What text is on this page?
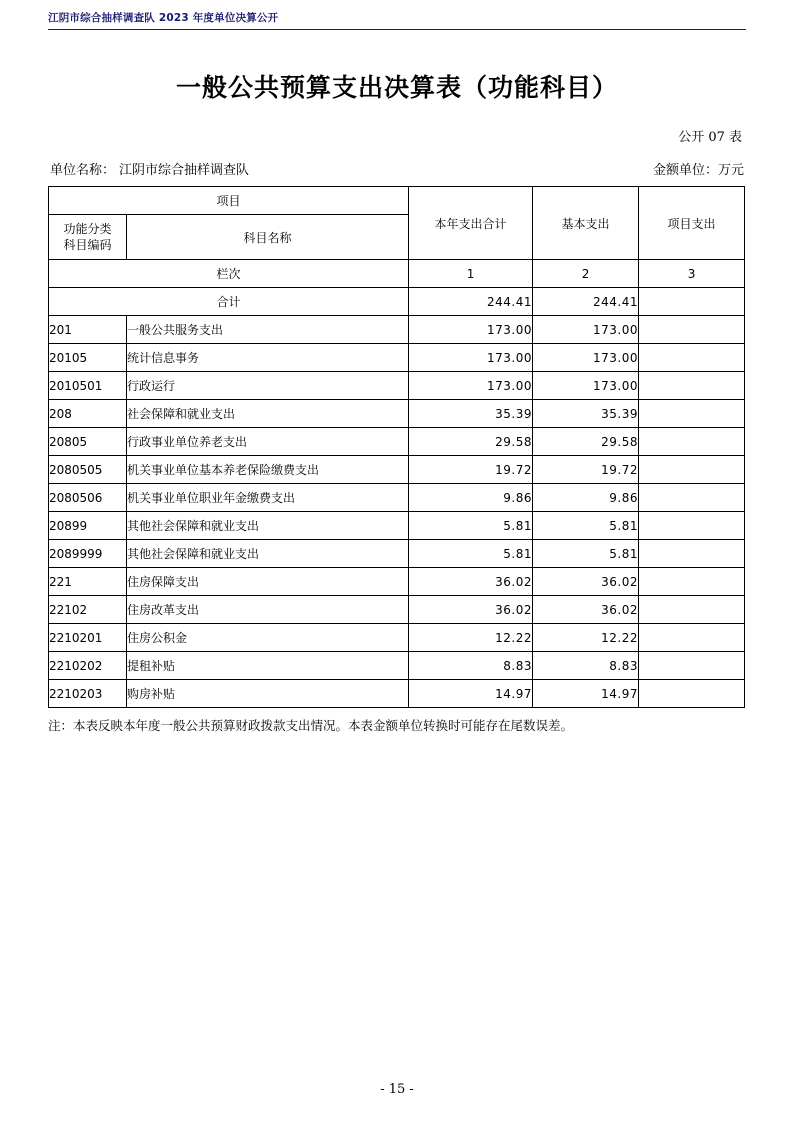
江阴市综合抽样调查队 2023 年度单位决算公开
一般公共预算支出决算表（功能科目）
公开 07 表
单位名称： 江阴市综合抽样调查队	金额单位：万元
项目		本年支出合计	基本支出	项目支出

功能分类
科目编码	科目名称			
栏次		1	2	3
合计		244.41	244.41	
201	一般公共服务支出	173.00	173.00	
20105	统计信息事务	173.00	173.00	
2010501	行政运行	173.00	173.00	
208	社会保障和就业支出	35.39	35.39	
20805	行政事业单位养老支出	29.58	29.58	
2080505	机关事业单位基本养老保险缴费支出	19.72	19.72	
2080506	机关事业单位职业年金缴费支出	9.86	9.86	
20899	其他社会保障和就业支出	5.81	5.81	
2089999	其他社会保障和就业支出	5.81	5.81	
221	住房保障支出	36.02	36.02	
22102	住房改革支出	36.02	36.02	
2210201	住房公积金	12.22	12.22	
2210202	提租补贴	8.83	8.83	
2210203	购房补贴	14.97	14.97	
注：本表反映本年度一般公共预算财政拨款支出情况。本表金额单位转换时可能存在尾数误差。
- 15 -
